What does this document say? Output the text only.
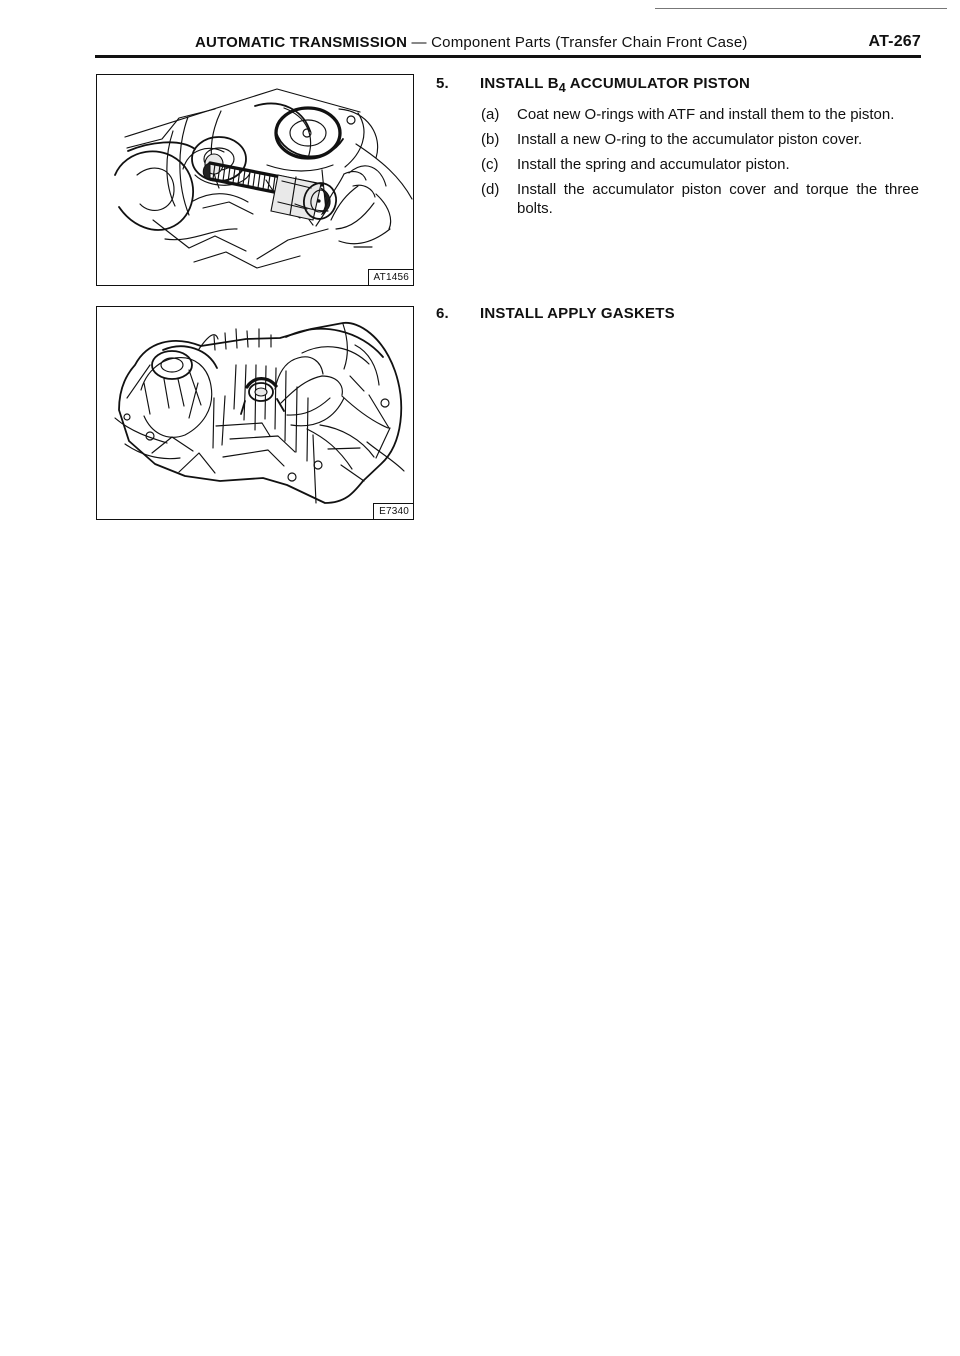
AUTOMATIC TRANSMISSION — Component Parts (Transfer Chain Front Case)	AT-267
AT1456
E7340
5.	INSTALL $B_4$ ACCUMULATOR PISTON
(a)	Coat new O-rings with ATF and install them to the piston.
(b)	Install a new O-ring to the accumulator piston cover.
(c)	Install the spring and accumulator piston.
(d)	Install the accumulator piston cover and torque the three bolts.
6.	INSTALL APPLY GASKETS
